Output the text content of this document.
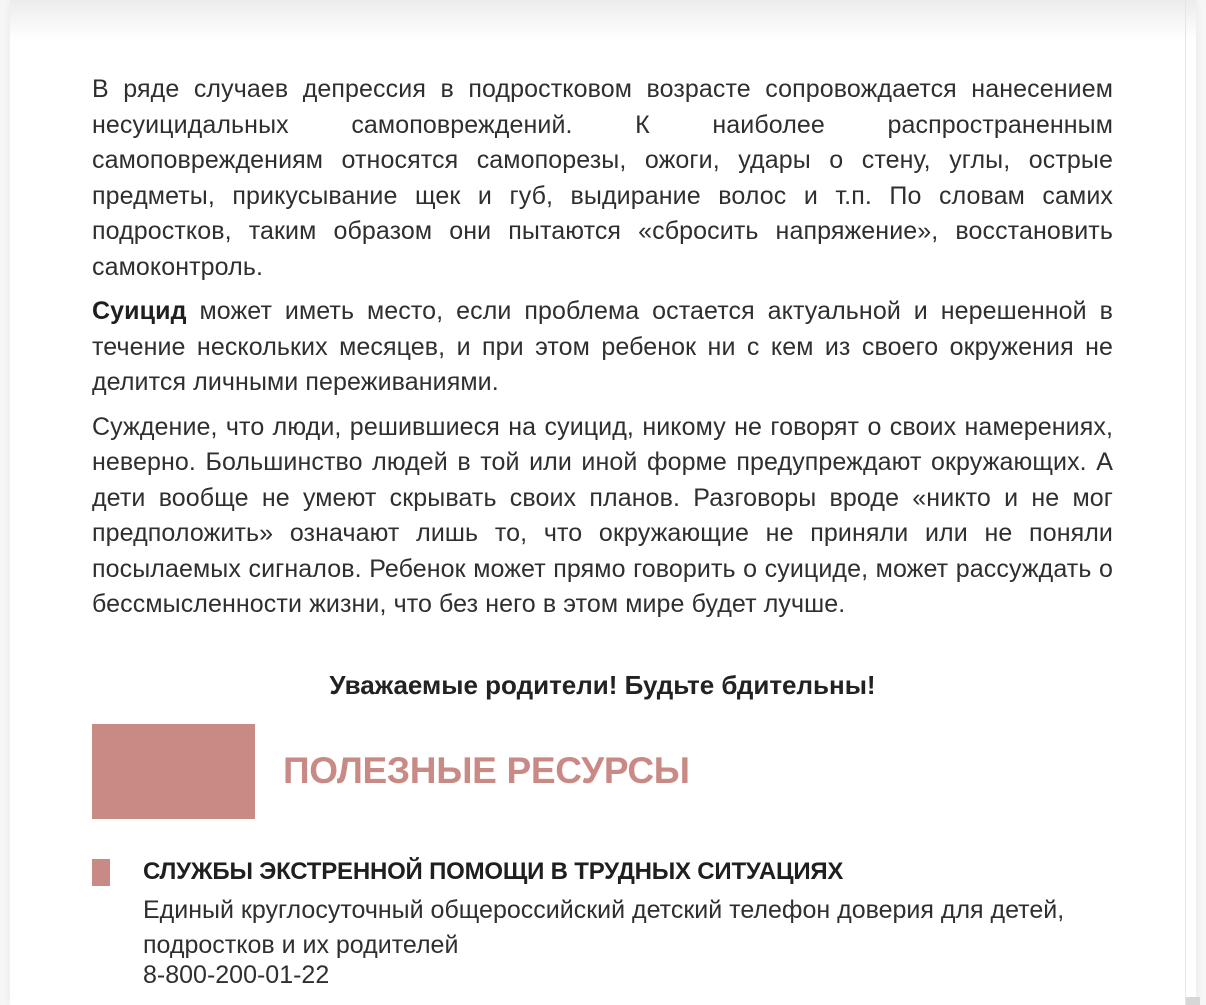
В ряде случаев депрессия в подростковом возрасте сопровождается нанесением несуицидальных самоповреждений. К наиболее распространенным самоповреждениям относятся самопорезы, ожоги, удары о стену, углы, острые предметы, прикусывание щек и губ, выдирание волос и т.п. По словам самих подростков, таким образом они пытаются «сбросить напряжение», восстановить самоконтроль.

Суицид может иметь место, если проблема остается актуальной и нерешенной в течение нескольких месяцев, и при этом ребенок ни с кем из своего окружения не делится личными переживаниями.

Суждение, что люди, решившиеся на суицид, никому не говорят о своих намерениях, неверно. Большинство людей в той или иной форме предупреждают окружающих. А дети вообще не умеют скрывать своих планов. Разговоры вроде «никто и не мог предположить» означают лишь то, что окружающие не приняли или не поняли посылаемых сигналов. Ребенок может прямо говорить о суициде, может рассуждать о бессмысленности жизни, что без него в этом мире будет лучше.

Уважаемые родители! Будьте бдительны!
ПОЛЕЗНЫЕ РЕСУРСЫ
СЛУЖБЫ ЭКСТРЕННОЙ ПОМОЩИ В ТРУДНЫХ СИТУАЦИЯХ

Единый круглосуточный общероссийский детский телефон доверия для детей, подростков и их родителей

8-800-200-01-22
